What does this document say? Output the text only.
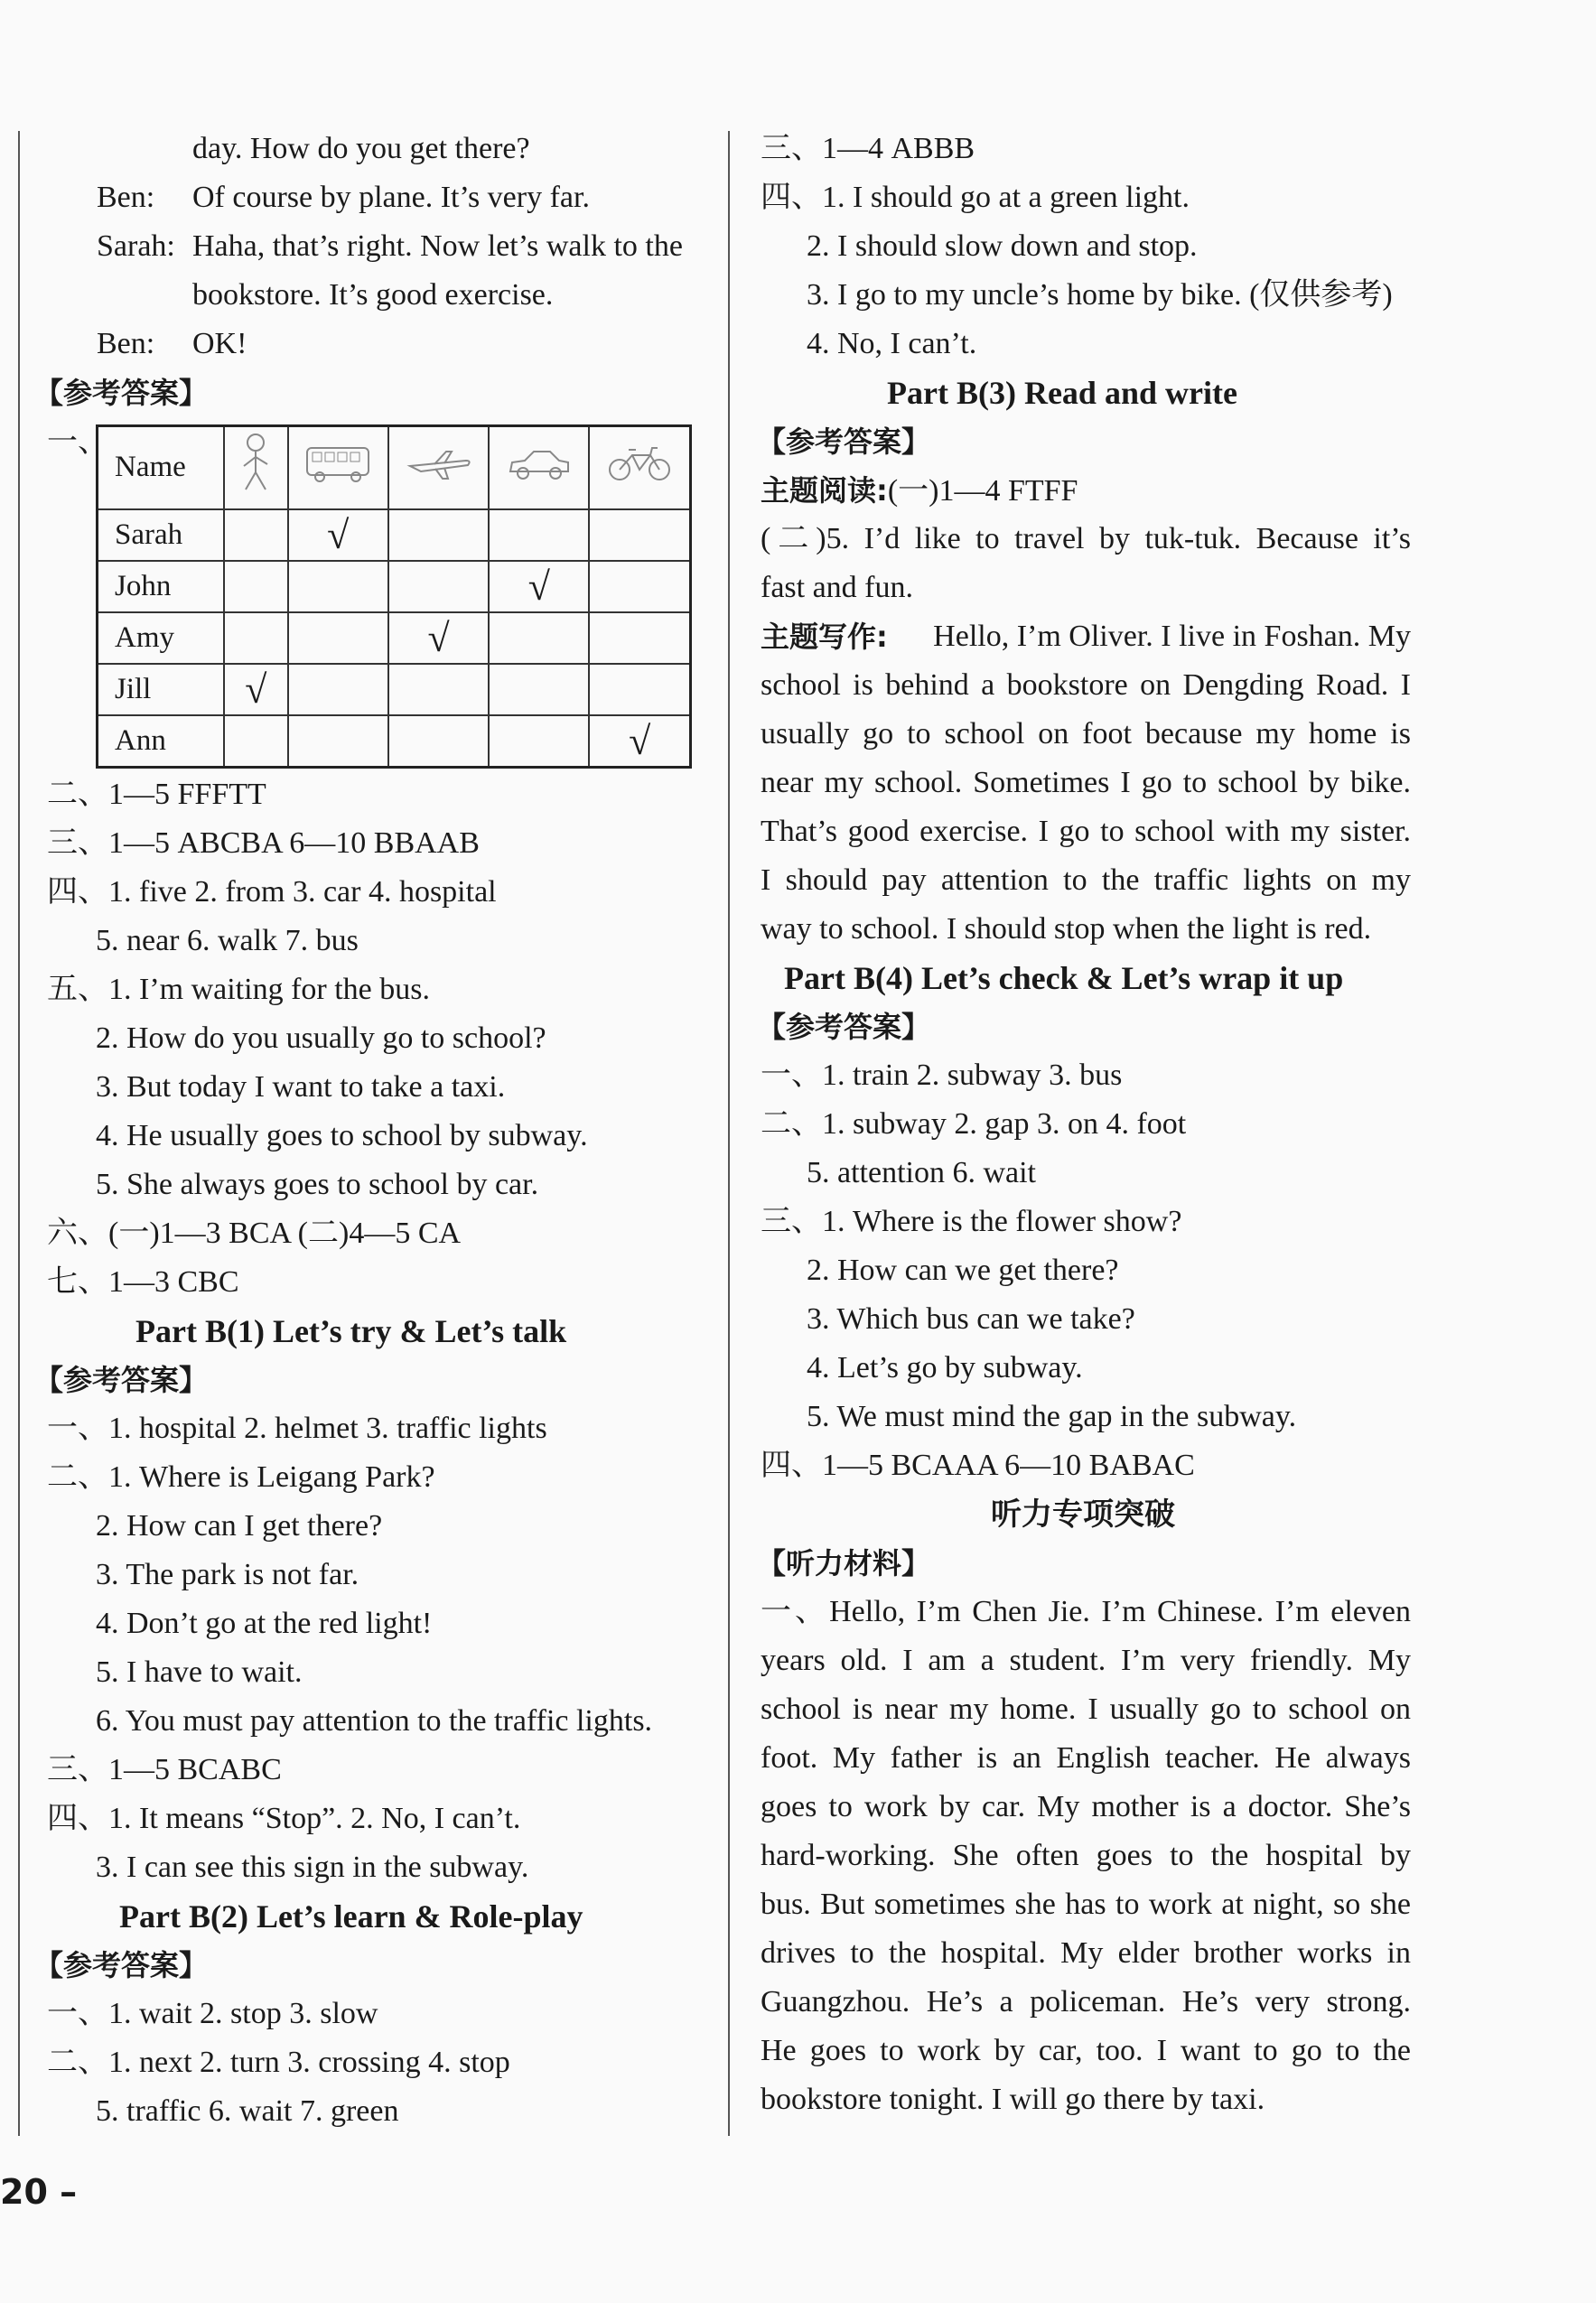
day. How do you get there?
Ben: Of course by plane. It’s very far.
Sarah: Haha, that’s right. Now let’s walk to the
bookstore. It’s good exercise.
Ben: OK!
【参考答案】
一、
Name					
Sarah		√			
John				√	
Amy			√		
Jill	√				
Ann					√
二、1—5 FFFTT
三、1—5 ABCBA 6—10 BBAAB
四、1. five 2. from 3. car 4. hospital
5. near 6. walk 7. bus
五、1. I’m waiting for the bus.
2. How do you usually go to school?
3. But today I want to take a taxi.
4. He usually goes to school by subway.
5. She always goes to school by car.
六、(一)1—3 BCA (二)4—5 CA
七、1—3 CBC
Part B(1) Let’s try & Let’s talk
【参考答案】
一、1. hospital 2. helmet 3. traffic lights
二、1. Where is Leigang Park?
2. How can I get there?
3. The park is not far.
4. Don’t go at the red light!
5. I have to wait.
6. You must pay attention to the traffic lights.
三、1—5 BCABC
四、1. It means “Stop”. 2. No, I can’t.
3. I can see this sign in the subway.
Part B(2) Let’s learn & Role-play
【参考答案】
一、1. wait 2. stop 3. slow
二、1. next 2. turn 3. crossing 4. stop
5. traffic 6. wait 7. green
三、1—4 ABBB
四、1. I should go at a green light.
2. I should slow down and stop.
3. I go to my uncle’s home by bike. (仅供参考)
4. No, I can’t.
Part B(3) Read and write
【参考答案】
主题阅读:(一)1—4 FTFF
(二)5. I’d like to travel by tuk-tuk. Because it’s
fast and fun.
主题写作: Hello, I’m Oliver. I live in Foshan. My
school is behind a bookstore on Dengding Road. I
usually go to school on foot because my home is
near my school. Sometimes I go to school by bike.
That’s good exercise. I go to school with my sister.
I should pay attention to the traffic lights on my
way to school. I should stop when the light is red.
Part B(4) Let’s check & Let’s wrap it up
【参考答案】
一、1. train 2. subway 3. bus
二、1. subway 2. gap 3. on 4. foot
5. attention 6. wait
三、1. Where is the flower show?
2. How can we get there?
3. Which bus can we take?
4. Let’s go by subway.
5. We must mind the gap in the subway.
四、1—5 BCAAA 6—10 BABAC
听力专项突破
【听力材料】
一、Hello, I’m Chen Jie. I’m Chinese. I’m eleven
years old. I am a student. I’m very friendly. My
school is near my home. I usually go to school on
foot. My father is an English teacher. He always
goes to work by car. My mother is a doctor. She’s
hard-working. She often goes to the hospital by
bus. But sometimes she has to work at night, so she
drives to the hospital. My elder brother works in
Guangzhou. He’s a policeman. He’s very strong.
He goes to work by car, too. I want to go to the
bookstore tonight. I will go there by taxi.
20 –
